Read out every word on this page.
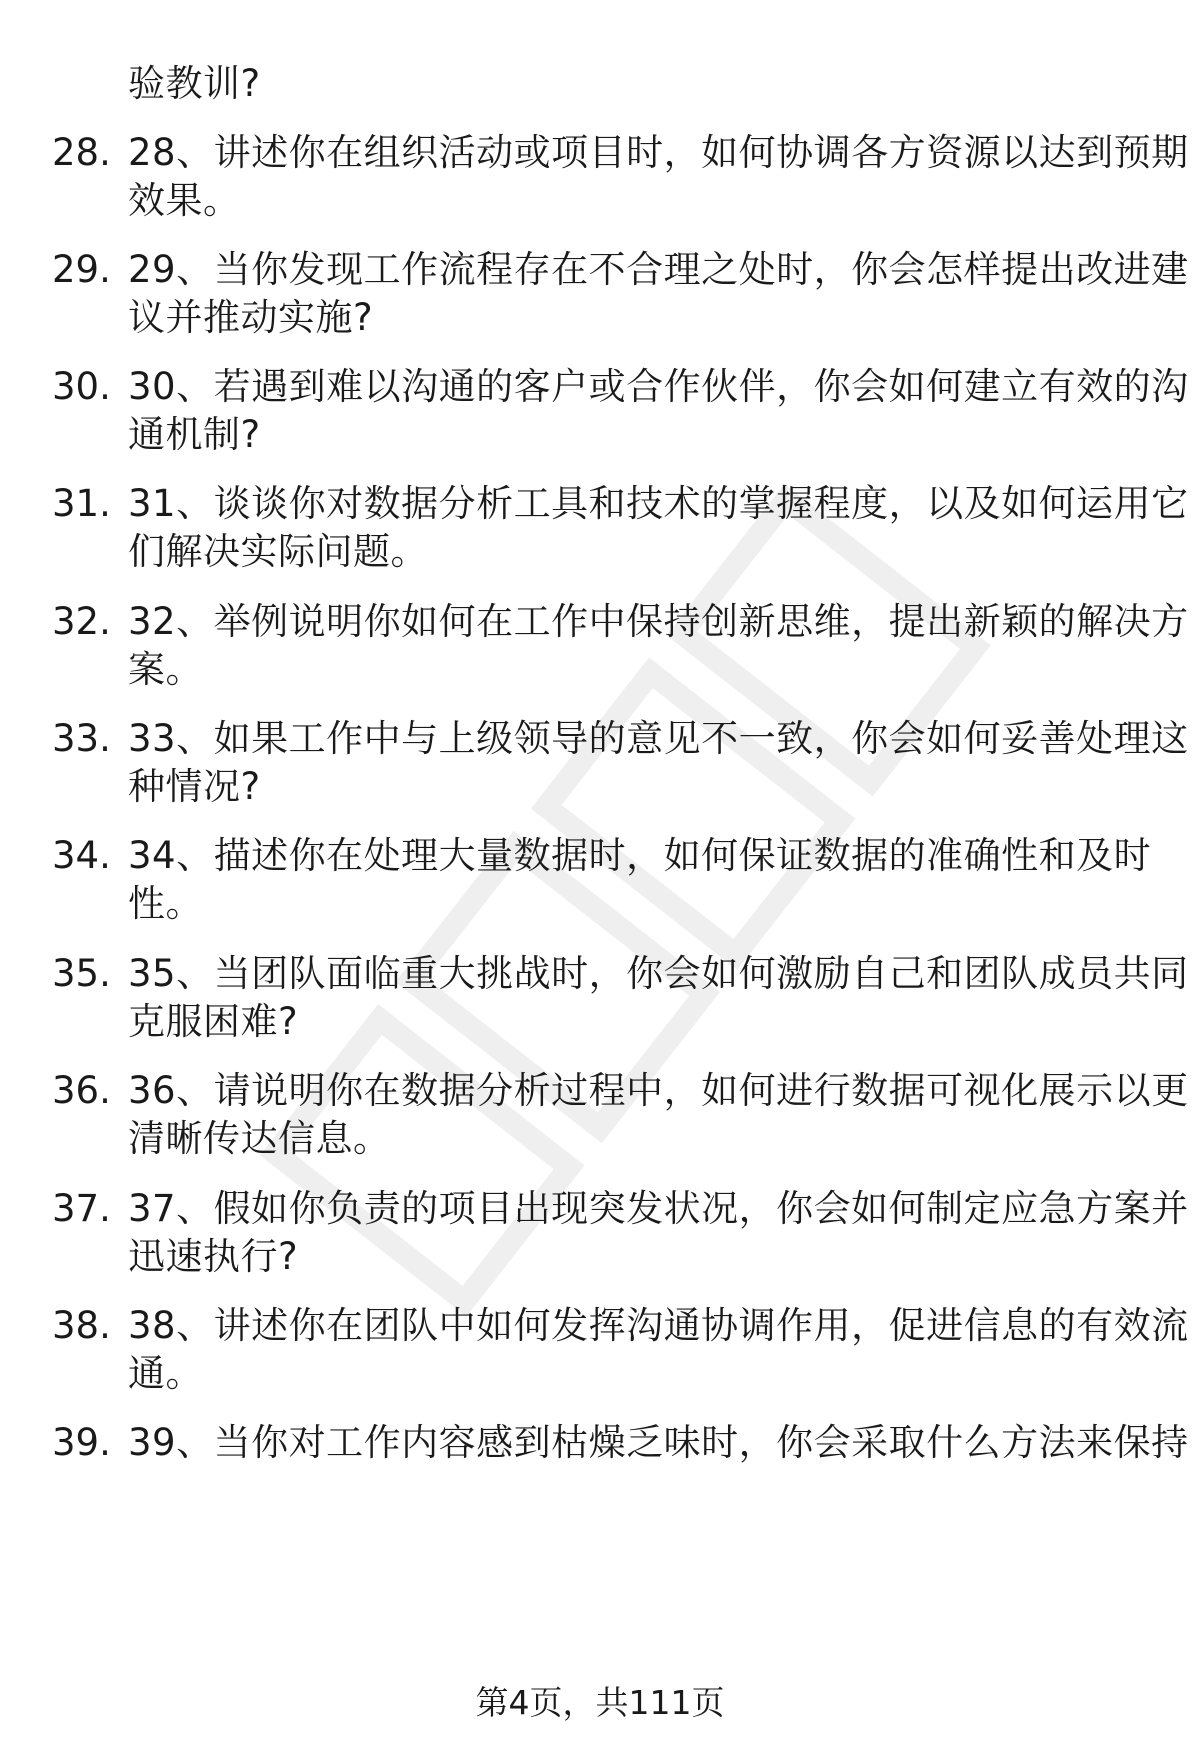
验教训?
28. 28、讲述你在组织活动或项目时，如何协调各方资源以达到预期
效果。
29. 29、当你发现工作流程存在不合理之处时，你会怎样提出改进建
议并推动实施?
30. 30、若遇到难以沟通的客户或合作伙伴，你会如何建立有效的沟
通机制?
31. 31、谈谈你对数据分析工具和技术的掌握程度，以及如何运用它
们解决实际问题。
32. 32、举例说明你如何在工作中保持创新思维，提出新颖的解决方
案。
33. 33、如果工作中与上级领导的意见不一致，你会如何妥善处理这
种情况?
34. 34、描述你在处理大量数据时，如何保证数据的准确性和及时
性。
35. 35、当团队面临重大挑战时，你会如何激励自己和团队成员共同
克服困难?
36. 36、请说明你在数据分析过程中，如何进行数据可视化展示以更
清晰传达信息。
37. 37、假如你负责的项目出现突发状况，你会如何制定应急方案并
迅速执行?
38. 38、讲述你在团队中如何发挥沟通协调作用，促进信息的有效流
通。
39. 39、当你对工作内容感到枯燥乏味时，你会采取什么方法来保持
第4页，共111页
